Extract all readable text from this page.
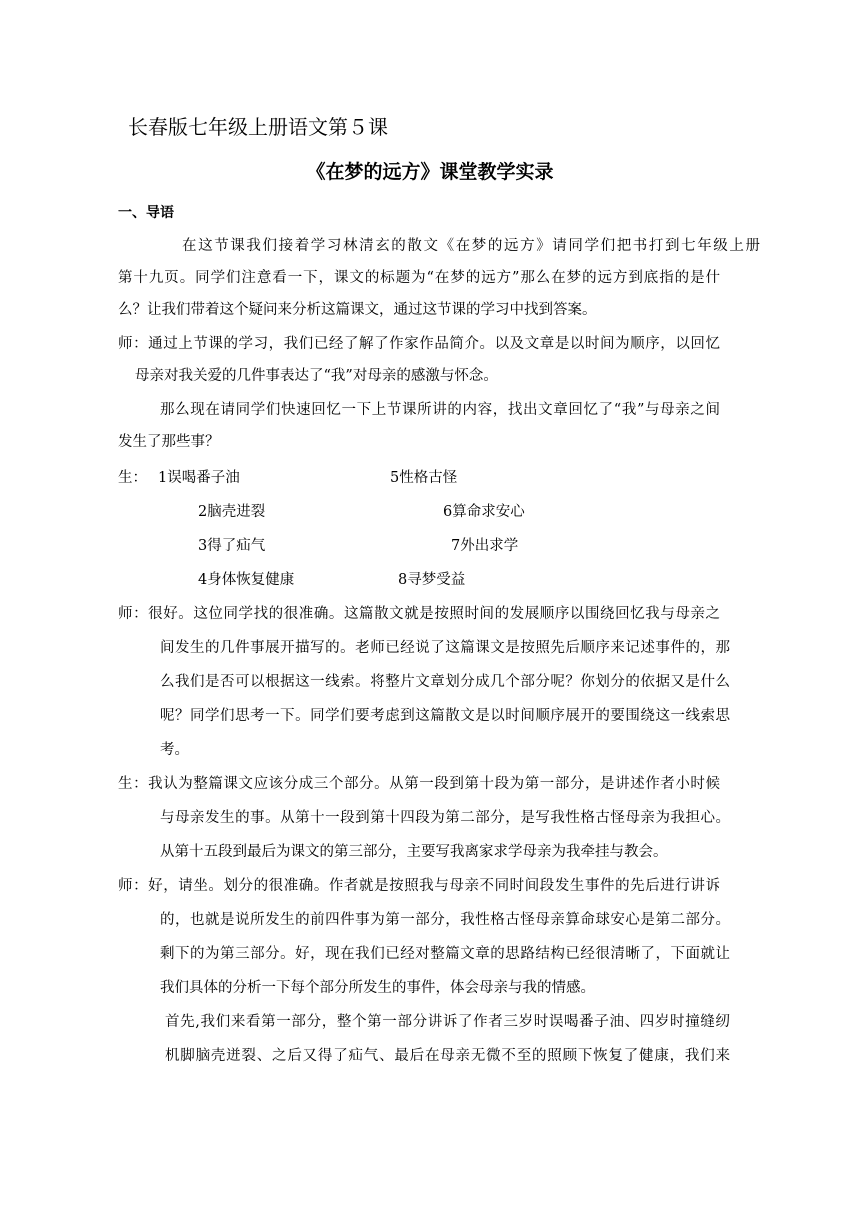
长春版七年级上册语文第５课
《在梦的远方》课堂教学实录
一、导语
在这节课我们接着学习林清玄的散文《在梦的远方》请同学们把书打到七年级上册
第十九页。同学们注意看一下，课文的标题为“在梦的远方”那么在梦的远方到底指的是什
么？让我们带着这个疑问来分析这篇课文，通过这节课的学习中找到答案。
师：通过上节课的学习，我们已经了解了作家作品简介。以及文章是以时间为顺序，以回忆
母亲对我关爱的几件事表达了“我”对母亲的感激与怀念。
那么现在请同学们快速回忆一下上节课所讲的内容，找出文章回忆了“我”与母亲之间
发生了那些事？
生： 1误喝番子油
2脑壳进裂
3得了疝气
4身体恢复健康
5性格古怪
6算命求安心
7外出求学
8寻梦受益
师：很好。这位同学找的很准确。这篇散文就是按照时间的发展顺序以围绕回忆我与母亲之
间发生的几件事展开描写的。老师已经说了这篇课文是按照先后顺序来记述事件的，那
么我们是否可以根据这一线索。将整片文章划分成几个部分呢？你划分的依据又是什么
呢？同学们思考一下。同学们要考虑到这篇散文是以时间顺序展开的要围绕这一线索思
考。
生：我认为整篇课文应该分成三个部分。从第一段到第十段为第一部分，是讲述作者小时候
与母亲发生的事。从第十一段到第十四段为第二部分，是写我性格古怪母亲为我担心。
从第十五段到最后为课文的第三部分，主要写我离家求学母亲为我牵挂与教会。
师：好，请坐。划分的很准确。作者就是按照我与母亲不同时间段发生事件的先后进行讲诉
的，也就是说所发生的前四件事为第一部分，我性格古怪母亲算命球安心是第二部分。
剩下的为第三部分。好，现在我们已经对整篇文章的思路结构已经很清晰了，下面就让
我们具体的分析一下每个部分所发生的事件，体会母亲与我的情感。
首先,我们来看第一部分，整个第一部分讲诉了作者三岁时误喝番子油、四岁时撞缝纫
机脚脑壳迸裂、之后又得了疝气、最后在母亲无微不至的照顾下恢复了健康，我们来
